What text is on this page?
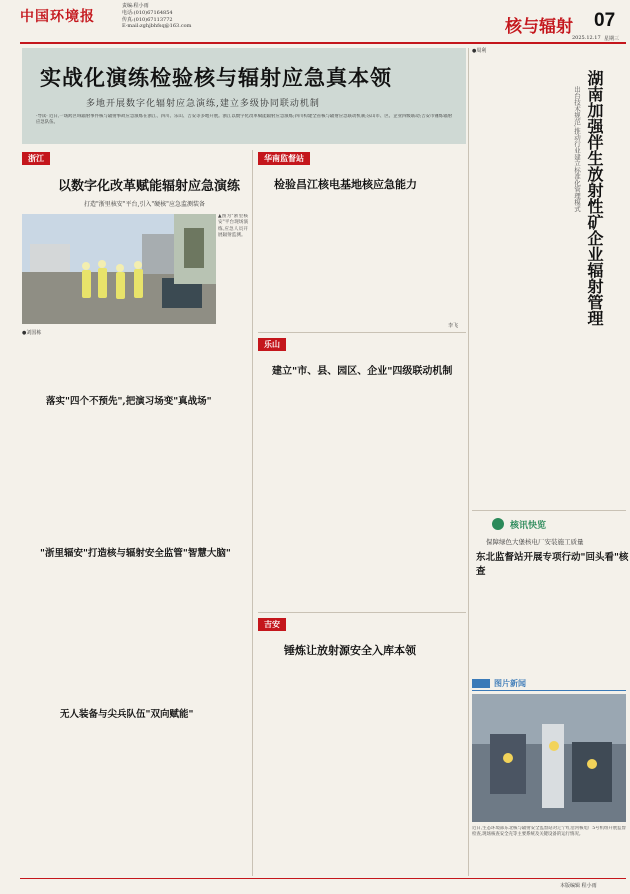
中国环境报
责编:程小雨
电话:(010)67164854
传真:(010)67113772
E-mail:zghjbhfsq@163.com	核与辐射 07
2025.12.17 星期三
实战化演练检验核与辐射应急真本领
多地开展数字化辐射应急演练,建立多级协同联动机制
·导读· 近日,一场跨区域辐射事件核与辐射事故应急演练在浙江、四川、乐山、吉安等多地开展。浙江以数字化改革赋能辐射应急演练;四川构建全省核与辐射应急联动机制;乐山市、区、企业四级联动;吉安市锤炼辐射应急队伍。
浙江
以数字化改革赋能辐射应急演练
打造"浙里核安"平台,引入"硬核"应急监测装备
▲图为"浙里核安"平台现场演练,应急人员开展辐射监测。
●刘国栋
落实"四个不预先",把演习场变"真战场"
"浙里辐安"打造核与辐射安全监管"智慧大脑"
无人装备与尖兵队伍"双向赋能"
华南监督站
检验昌江核电基地核应急能力
李飞
乐山
建立"市、县、园区、企业"四级联动机制
吉安
锤炼让放射源安全入库本领
●周利
湖南加强伴生放射性矿企业辐射管理
出台技术规范,推动行业建立标准化管理模式
核讯快览
保障绿色大堡核电厂安装施工质量
东北监督站开展专项行动"回头看"核查
图片新闻
近日,生态环境部东北核与辐射安全监督站对辽宁红沿河核电厂5号机组开展监督检查,现场核查安全壳等主要系统及关键设备的运行情况。
本版编辑 程小雨
